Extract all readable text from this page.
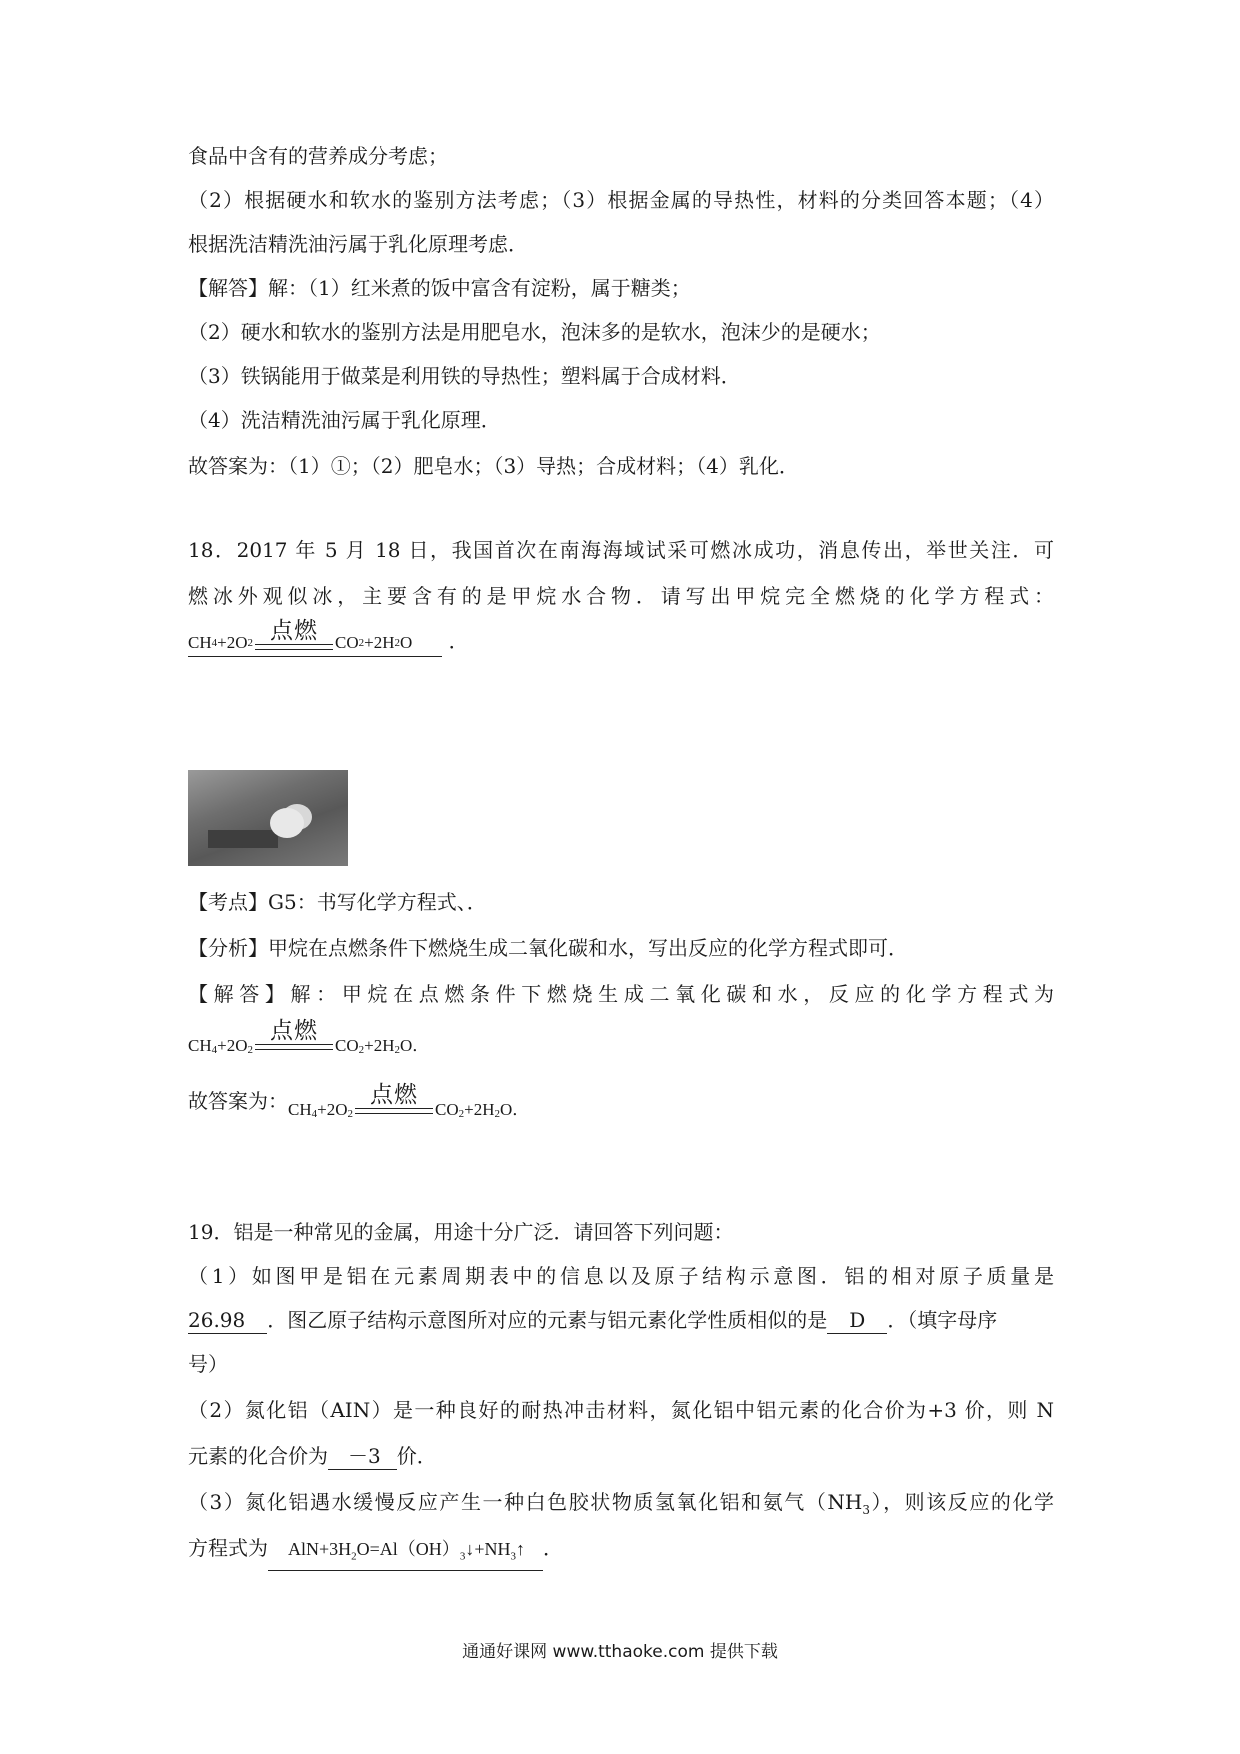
食品中含有的营养成分考虑；
（2）根据硬水和软水的鉴别方法考虑；（3）根据金属的导热性，材料的分类回答本题；（4）
根据洗洁精洗油污属于乳化原理考虑．
【解答】解：（1）红米煮的饭中富含有淀粉，属于糖类；
（2）硬水和软水的鉴别方法是用肥皂水，泡沫多的是软水，泡沫少的是硬水；
（3）铁锅能用于做菜是利用铁的导热性；塑料属于合成材料．
（4）洗洁精洗油污属于乳化原理．
故答案为：（1）①；（2）肥皂水；（3）导热；合成材料；（4）乳化．
18．2017 年 5 月 18 日，我国首次在南海海域试采可燃冰成功，消息传出，举世关注．可
燃冰外观似冰，主要含有的是甲烷水合物．请写出甲烷完全燃烧的化学方程式：
CH 4 +2O 2 点燃 CO 2 +2H 2 O ．
【考点】G5：书写化学方程式、．
【分析】甲烷在点燃条件下燃烧生成二氧化碳和水，写出反应的化学方程式即可．
【解答】解：甲烷在点燃条件下燃烧生成二氧化碳和水，反应的化学方程式为
$CH_4 +2O_2$
点燃
$CO_2 +2H_2$ O ．
故答案为： $CH_4 +2O_2$
点燃
$CO_2 +2H_2$ O ．
19．铝是一种常见的金属，用途十分广泛．请回答下列问题：
（1）如图甲是铝在元素周期表中的信息以及原子结构示意图．铝的相对原子质量是
26.98 ．图乙原子结构示意图所对应的元素与铝元素化学性质相似的是 D ．（填字母序
号）
（2）氮化铝（AIN）是一种良好的耐热冲击材料，氮化铝中铝元素的化合价为+3 价，则 N
元素的化合价为 －3 价．
（3）氮化铝遇水缓慢反应产生一种白色胶状物质氢氧化铝和氨气$(NH_3)$，则该反应的化学
方程式为 $AlN+3H_2O=Al(OH)_3↓+NH_3↑$ ．
通通好课网 www.tthaoke.com 提供下载
